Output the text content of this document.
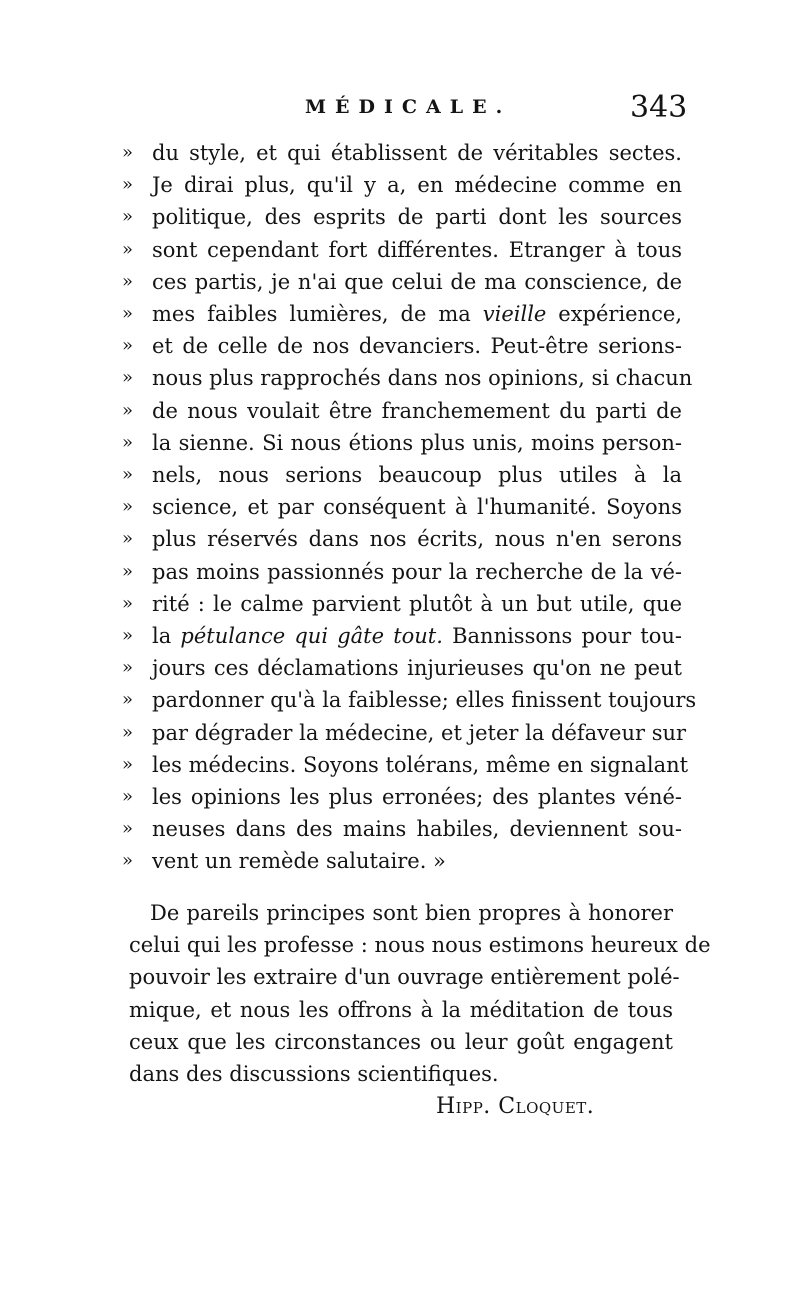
MÉDICALE.	343
» du style, et qui établissent de véritables sectes.
» Je dirai plus, qu'il y a, en médecine comme en
» politique, des esprits de parti dont les sources
» sont cependant fort différentes. Etranger à tous
» ces partis, je n'ai que celui de ma conscience, de
» mes faibles lumières, de ma vieille expérience,
» et de celle de nos devanciers. Peut-être serions-
» nous plus rapprochés dans nos opinions, si chacun
» de nous voulait être franchemement du parti de
» la sienne. Si nous étions plus unis, moins person-
» nels, nous serions beaucoup plus utiles à la
» science, et par conséquent à l'humanité. Soyons
» plus réservés dans nos écrits, nous n'en serons
» pas moins passionnés pour la recherche de la vé-
» rité : le calme parvient plutôt à un but utile, que
» la pétulance qui gâte tout. Bannissons pour tou-
» jours ces déclamations injurieuses qu'on ne peut
» pardonner qu'à la faiblesse; elles finissent toujours
» par dégrader la médecine, et jeter la défaveur sur
» les médecins. Soyons tolérans, même en signalant
» les opinions les plus erronées; des plantes véné-
» neuses dans des mains habiles, deviennent sou-
» vent un remède salutaire. »
De pareils principes sont bien propres à honorer
celui qui les professe : nous nous estimons heureux de
pouvoir les extraire d'un ouvrage entièrement polé-
mique, et nous les offrons à la méditation de tous
ceux que les circonstances ou leur goût engagent
dans des discussions scientifiques.
Hipp. Cloquet.
